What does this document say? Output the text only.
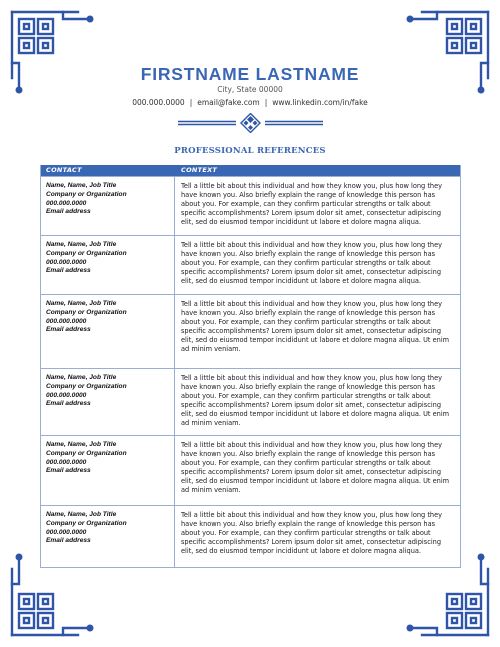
FIRSTNAME LASTNAME
City, State 00000
000.000.0000 | email@fake.com | www.linkedin.com/in/fake
PROFESSIONAL REFERENCES
CONTACT	CONTEXT
Name, Name, Job Title
Company or Organization
000.000.0000
Email address
Tell a little bit about this individual and how they know you, plus how long they have known you. Also briefly explain the range of knowledge this person has about you. For example, can they confirm particular strengths or talk about specific accomplishments? Lorem ipsum dolor sit amet, consectetur adipiscing elit, sed do eiusmod tempor incididunt ut labore et dolore magna aliqua.
Name, Name, Job Title
Company or Organization
000.000.0000
Email address
Tell a little bit about this individual and how they know you, plus how long they have known you. Also briefly explain the range of knowledge this person has about you. For example, can they confirm particular strengths or talk about specific accomplishments? Lorem ipsum dolor sit amet, consectetur adipiscing elit, sed do eiusmod tempor incididunt ut labore et dolore magna aliqua.
Name, Name, Job Title
Company or Organization
000.000.0000
Email address
Tell a little bit about this individual and how they know you, plus how long they have known you. Also briefly explain the range of knowledge this person has about you. For example, can they confirm particular strengths or talk about specific accomplishments? Lorem ipsum dolor sit amet, consectetur adipiscing elit, sed do eiusmod tempor incididunt ut labore et dolore magna aliqua. Ut enim ad minim veniam.
Name, Name, Job Title
Company or Organization
000.000.0000
Email address
Tell a little bit about this individual and how they know you, plus how long they have known you. Also briefly explain the range of knowledge this person has about you. For example, can they confirm particular strengths or talk about specific accomplishments? Lorem ipsum dolor sit amet, consectetur adipiscing elit, sed do eiusmod tempor incididunt ut labore et dolore magna aliqua. Ut enim ad minim veniam.
Name, Name, Job Title
Company or Organization
000.000.0000
Email address
Tell a little bit about this individual and how they know you, plus how long they have known you. Also briefly explain the range of knowledge this person has about you. For example, can they confirm particular strengths or talk about specific accomplishments? Lorem ipsum dolor sit amet, consectetur adipiscing elit, sed do eiusmod tempor incididunt ut labore et dolore magna aliqua. Ut enim ad minim veniam.
Name, Name, Job Title
Company or Organization
000.000.0000
Email address
Tell a little bit about this individual and how they know you, plus how long they have known you. Also briefly explain the range of knowledge this person has about you. For example, can they confirm particular strengths or talk about specific accomplishments? Lorem ipsum dolor sit amet, consectetur adipiscing elit, sed do eiusmod tempor incididunt ut labore et dolore magna aliqua.
